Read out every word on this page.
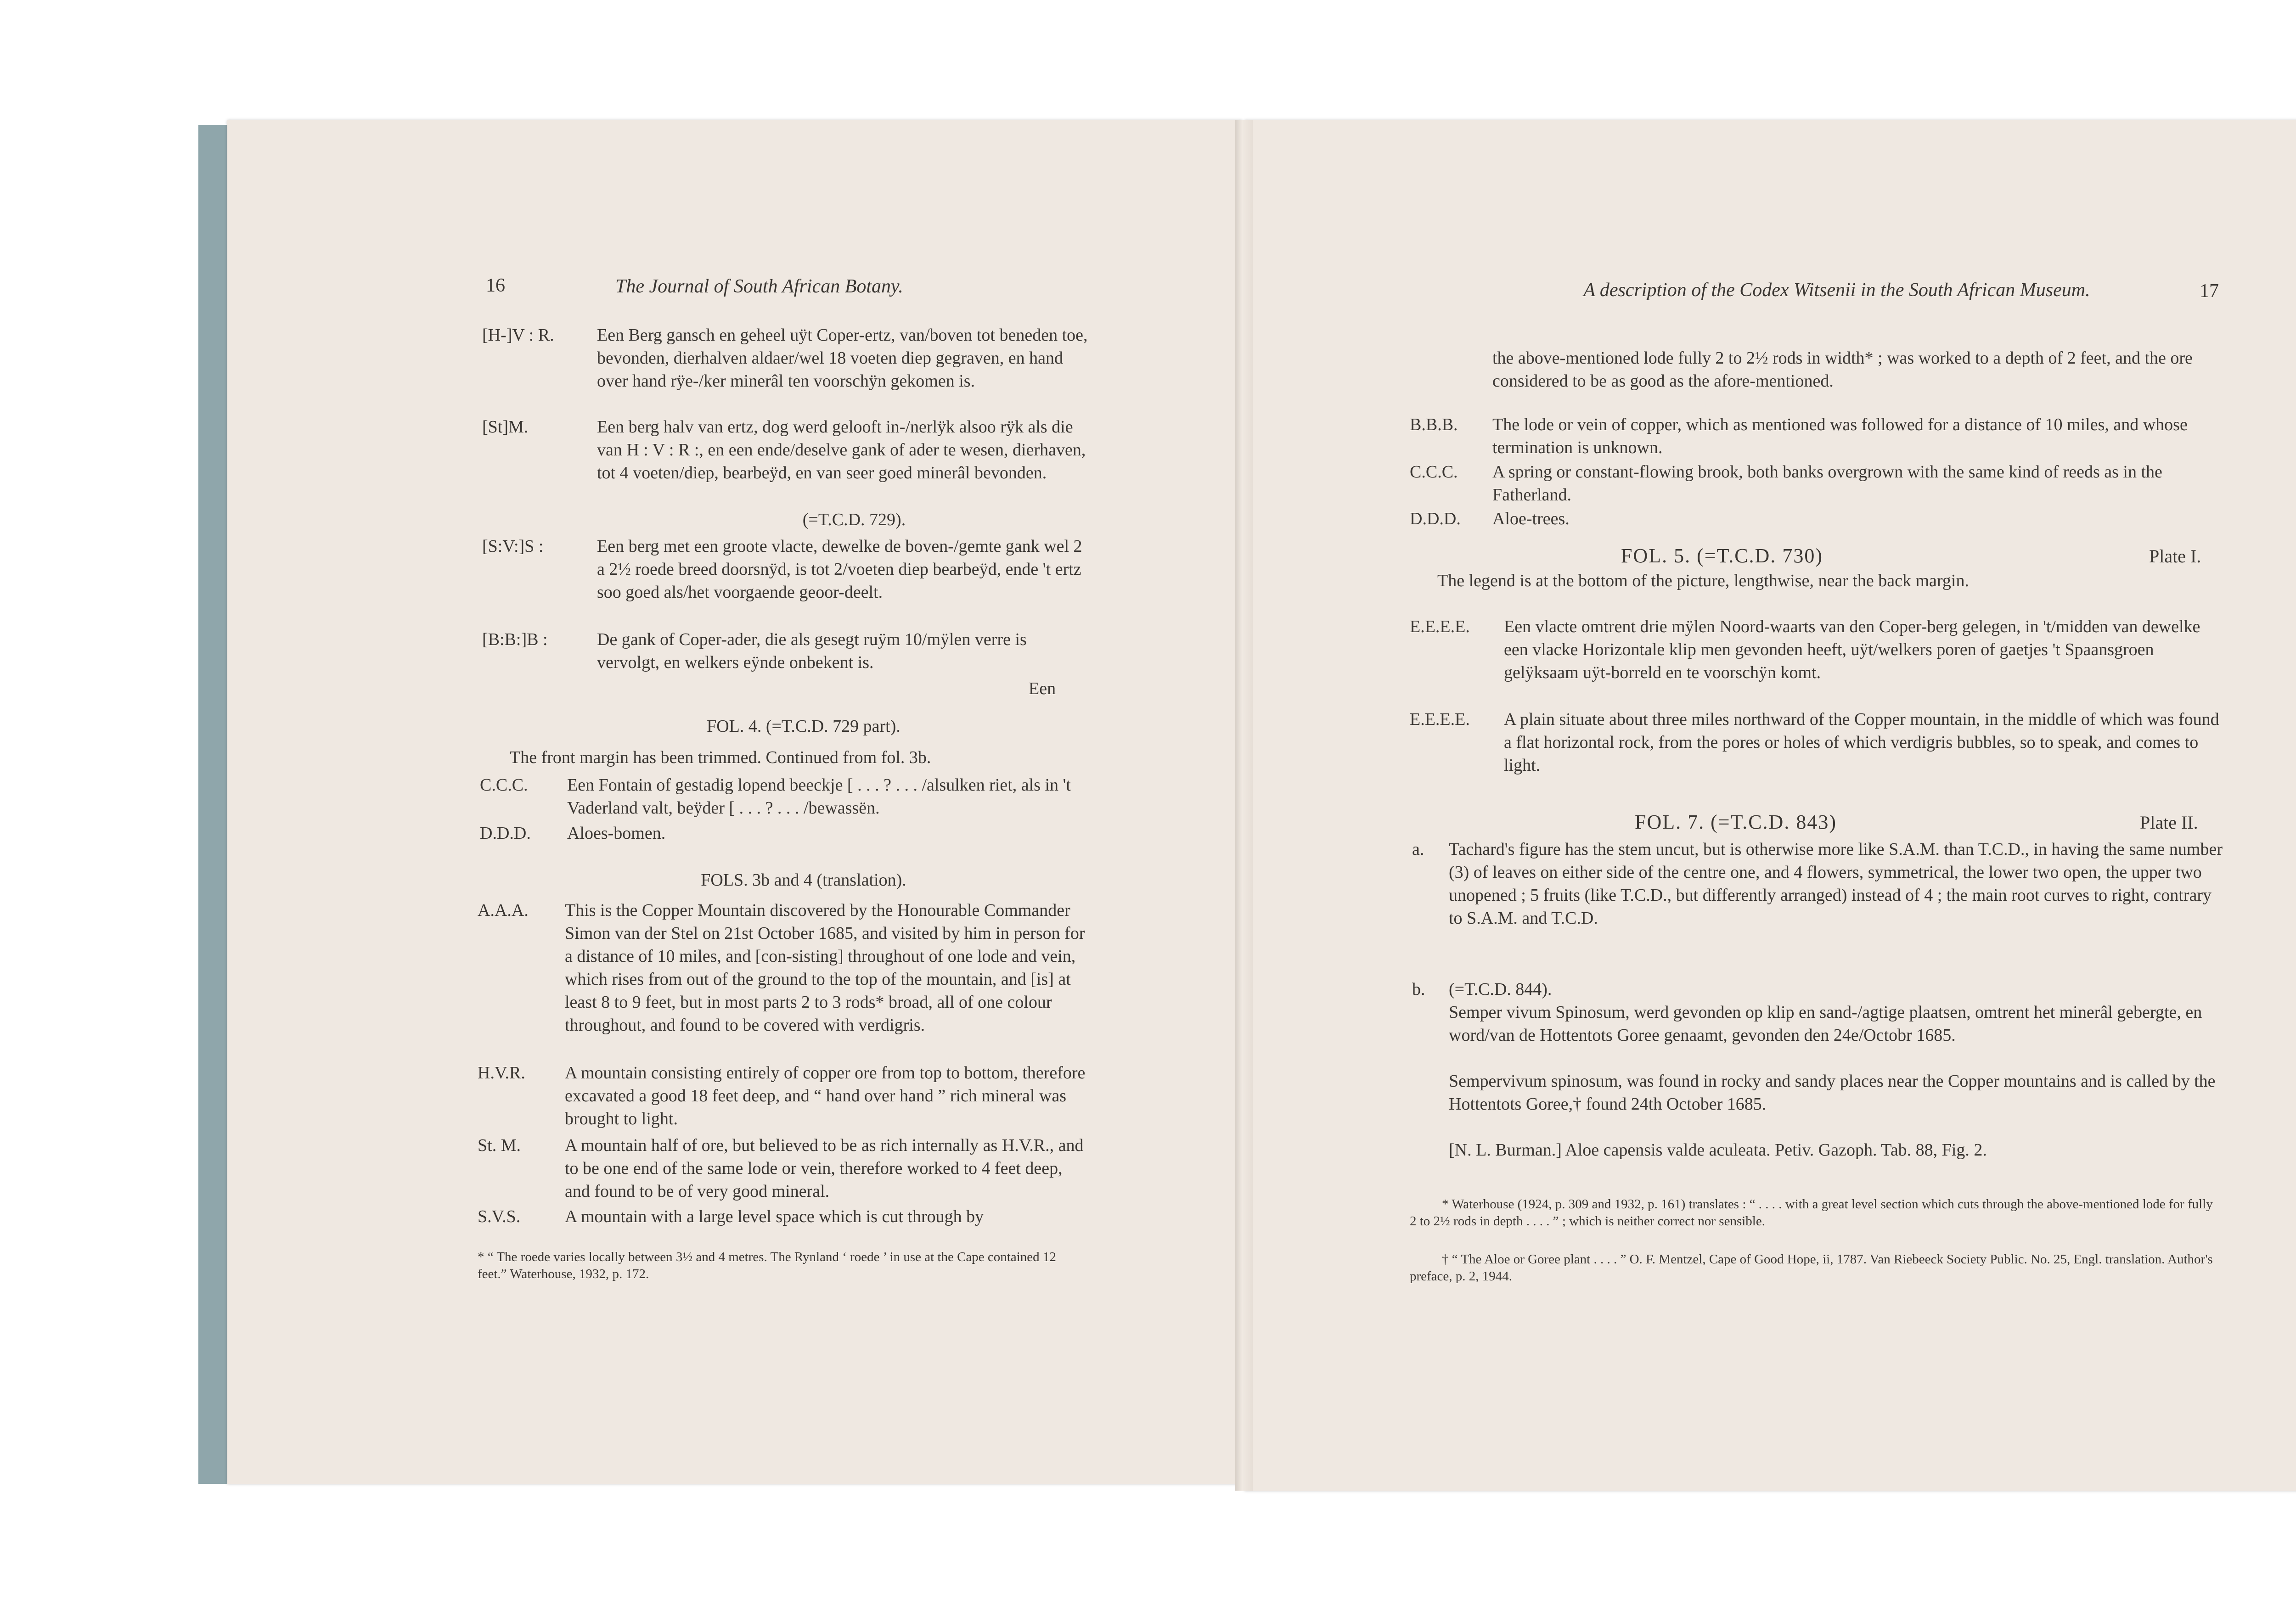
16	The Journal of South African Botany.
[H-]V : R. Een Berg gansch en geheel uÿt Coper-ertz, van/boven tot beneden toe, bevonden, dierhalven aldaer/wel 18 voeten diep gegraven, en hand over hand rÿe-/ker minerâl ten voorschÿn gekomen is.
[St]M.	Een berg halv van ertz, dog werd gelooft in-/nerlÿk alsoo rÿk als die van H : V : R :, en een ende/deselve gank of ader te wesen, dierhaven, tot 4 voeten/diep, bearbeÿd, en van seer goed minerâl bevonden.
(=T.C.D. 729).
[S:V:]S :	Een berg met een groote vlacte, dewelke de boven-/gemte gank wel 2 a 2½ roede breed doorsnÿd, is tot 2/voeten diep bearbeÿd, ende 't ertz soo goed als/het voorgaende geoor-deelt.
[B:B:]B :	De gank of Coper-ader, die als gesegt ruÿm 10/mÿlen verre is vervolgt, en welkers eÿnde onbekent is.
Een
FOL. 4. (=T.C.D. 729 part).
The front margin has been trimmed. Continued from fol. 3b.
C.C.C. Een Fontain of gestadig lopend beeckje [ . . . ? . . . /alsulken riet, als in 't Vaderland valt, beÿder [ . . . ? . . . /bewassën.
D.D.D. Aloes-bomen.
FOLS. 3b and 4 (translation).
A.A.A. This is the Copper Mountain discovered by the Honourable Commander Simon van der Stel on 21st October 1685, and visited by him in person for a distance of 10 miles, and [con-sisting] throughout of one lode and vein, which rises from out of the ground to the top of the mountain, and [is] at least 8 to 9 feet, but in most parts 2 to 3 rods* broad, all of one colour throughout, and found to be covered with verdigris.
H.V.R. A mountain consisting entirely of copper ore from top to bottom, therefore excavated a good 18 feet deep, and “ hand over hand ” rich mineral was brought to light.
St. M.	A mountain half of ore, but believed to be as rich internally as H.V.R., and to be one end of the same lode or vein, therefore worked to 4 feet deep, and found to be of very good mineral.
S.V.S.	A mountain with a large level space which is cut through by
* “ The roede varies locally between 3½ and 4 metres. The Rynland ‘ roede ’ in use at the Cape contained 12 feet.” Waterhouse, 1932, p. 172.
A description of the Codex Witsenii in the South African Museum.	17
the above-mentioned lode fully 2 to 2½ rods in width* ; was worked to a depth of 2 feet, and the ore considered to be as good as the afore-mentioned.
B.B.B. The lode or vein of copper, which as mentioned was followed for a distance of 10 miles, and whose termination is unknown.
C.C.C. A spring or constant-flowing brook, both banks overgrown with the same kind of reeds as in the Fatherland.
D.D.D. Aloe-trees.
FOL. 5. (=T.C.D. 730)	Plate I.
The legend is at the bottom of the picture, lengthwise, near the back margin.
E.E.E.E. Een vlacte omtrent drie mÿlen Noord-waarts van den Coper-berg gelegen, in 't/midden van dewelke een vlacke Horizontale klip men gevonden heeft, uÿt/welkers poren of gaetjes 't Spaansgroen gelÿksaam uÿt-borreld en te voorschÿn komt.
E.E.E.E. A plain situate about three miles northward of the Copper mountain, in the middle of which was found a flat horizontal rock, from the pores or holes of which verdigris bubbles, so to speak, and comes to light.
FOL. 7. (=T.C.D. 843)	Plate II.
a. Tachard's figure has the stem uncut, but is otherwise more like S.A.M. than T.C.D., in having the same number (3) of leaves on either side of the centre one, and 4 flowers, symmetrical, the lower two open, the upper two unopened ; 5 fruits (like T.C.D., but differently arranged) instead of 4 ; the main root curves to right, contrary to S.A.M. and T.C.D.
b. (=T.C.D. 844).
Semper vivum Spinosum, werd gevonden op klip en sand-/agtige plaatsen, omtrent het minerâl gebergte, en word/van de Hottentots Goree genaamt, gevonden den 24e/Octobr 1685.
Sempervivum spinosum, was found in rocky and sandy places near the Copper mountains and is called by the Hottentots Goree,† found 24th October 1685.
[N. L. Burman.] Aloe capensis valde aculeata. Petiv. Gazoph. Tab. 88, Fig. 2.
* Waterhouse (1924, p. 309 and 1932, p. 161) translates : “ . . . . with a great level section which cuts through the above-mentioned lode for fully 2 to 2½ rods in depth . . . . ” ; which is neither correct nor sensible.
† “ The Aloe or Goree plant . . . . ” O. F. Mentzel, Cape of Good Hope, ii, 1787. Van Riebeeck Society Public. No. 25, Engl. translation. Author's preface, p. 2, 1944.
